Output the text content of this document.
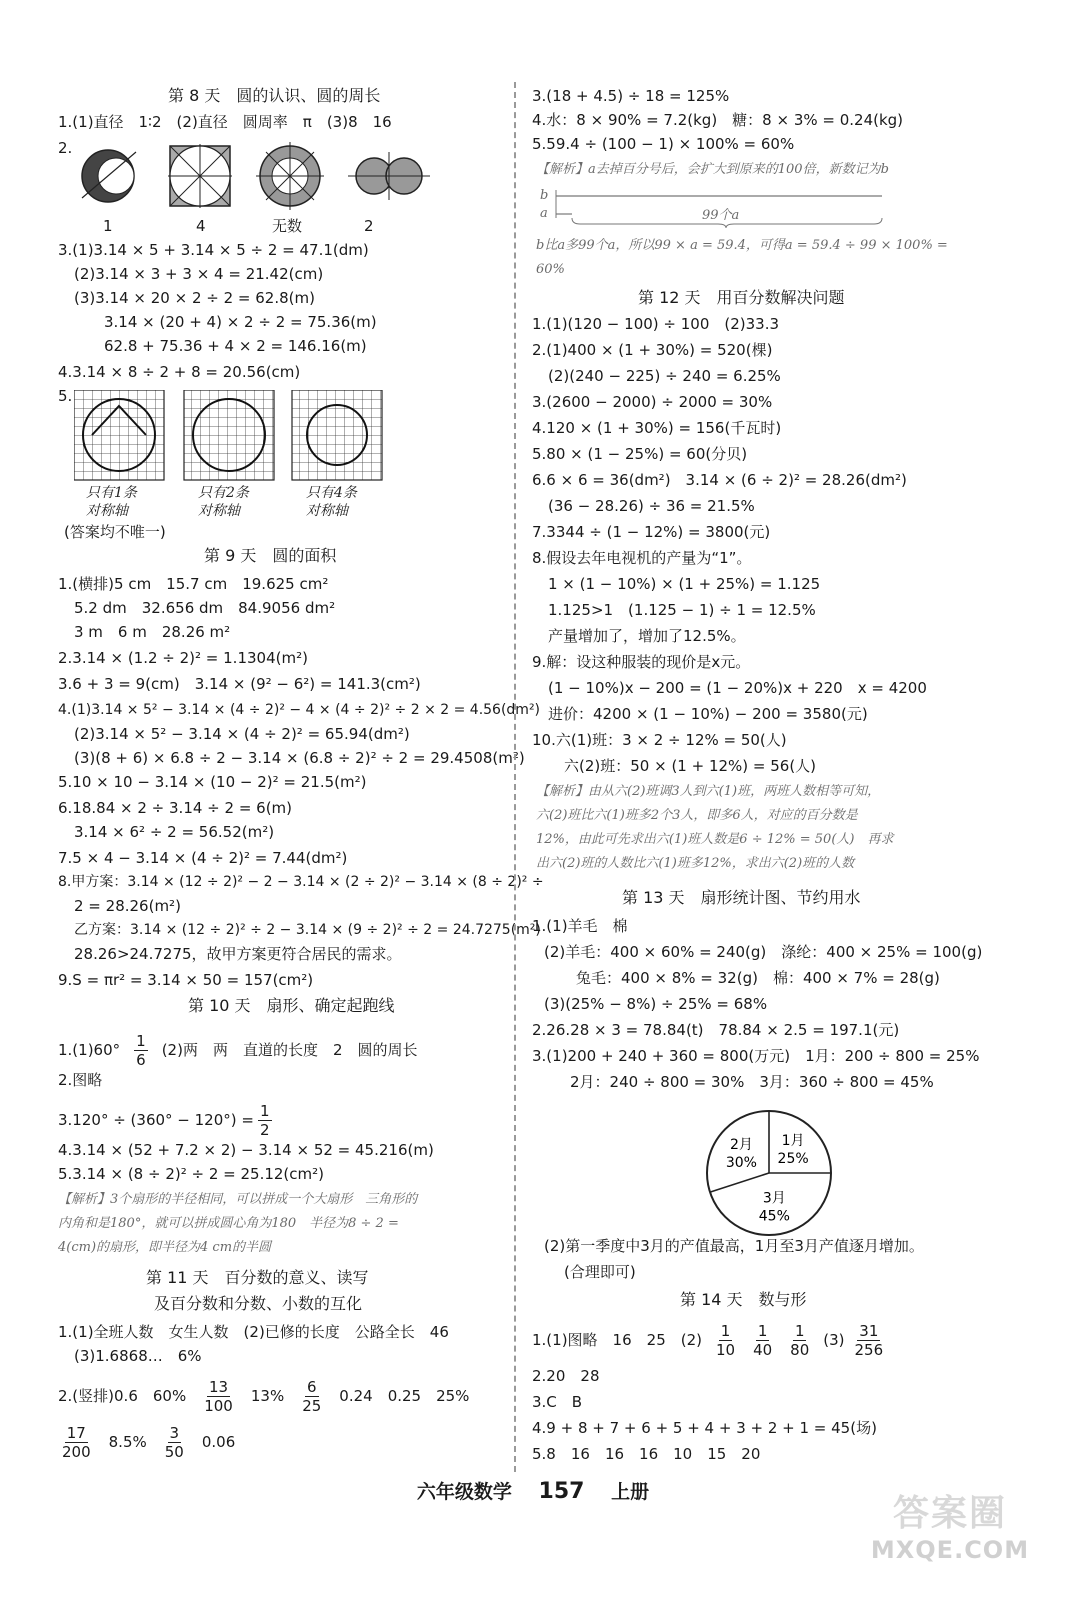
第 8 天　圆的认识、圆的周长
1.(1)直径　1∶2　(2)直径　圆周率　π　(3)8　16
2.
1	4	无数	2
3.(1)3.14 × 5 + 3.14 × 5 ÷ 2 = 47.1(dm)
(2)3.14 × 3 + 3 × 4 = 21.42(cm)
(3)3.14 × 20 × 2 ÷ 2 = 62.8(m)
3.14 × (20 + 4) × 2 ÷ 2 = 75.36(m)
62.8 + 75.36 + 4 × 2 = 146.16(m)
4.3.14 × 8 ÷ 2 + 8 = 20.56(cm)
5.
只有1条
对称轴
只有2条
对称轴
只有4条
对称轴
(答案均不唯一)
第 9 天　圆的面积
1.(横排)5 cm　15.7 cm　19.625 cm²
5.2 dm　32.656 dm　84.9056 dm²
3 m　6 m　28.26 m²
2.3.14 × (1.2 ÷ 2)² = 1.1304(m²)
3.6 + 3 = 9(cm)　3.14 × (9² − 6²) = 141.3(cm²)
4.(1)3.14 × 5² − 3.14 × (4 ÷ 2)² − 4 × (4 ÷ 2)² ÷ 2 × 2 = 4.56(dm²)
(2)3.14 × 5² − 3.14 × (4 ÷ 2)² = 65.94(dm²)
(3)(8 + 6) × 6.8 ÷ 2 − 3.14 × (6.8 ÷ 2)² ÷ 2 = 29.4508(m²)
5.10 × 10 − 3.14 × (10 − 2)² = 21.5(m²)
6.18.84 × 2 ÷ 3.14 ÷ 2 = 6(m)
3.14 × 6² ÷ 2 = 56.52(m²)
7.5 × 4 − 3.14 × (4 ÷ 2)² = 7.44(dm²)
8.甲方案：3.14 × (12 ÷ 2)² − 2 − 3.14 × (2 ÷ 2)² − 3.14 × (8 ÷ 2)² ÷
2 = 28.26(m²)
乙方案：3.14 × (12 ÷ 2)² ÷ 2 − 3.14 × (9 ÷ 2)² ÷ 2 = 24.7275(m²)
28.26>24.7275，故甲方案更符合居民的需求。
9.S = πr² = 3.14 × 50 = 157(cm²)
第 10 天　扇形、确定起跑线
$1.(1)60^\circ \frac{1}{6} (2)$两　两　直道的长度　2　圆的周长
2.图略
$3.120^\circ \div (360^\circ - 120^\circ) = \frac{1}{2}$
4.3.14 × (52 + 7.2 × 2) − 3.14 × 52 = 45.216(m)
5.3.14 × (8 ÷ 2)² ÷ 2 = 25.12(cm²)
【解析】3个扇形的半径相同，可以拼成一个大扇形　三角形的
内角和是180°，就可以拼成圆心角为180　半径为8 ÷ 2 =
4(cm)的扇形，即半径为4 cm的半圆
第 11 天　百分数的意义、读写
及百分数和分数、小数的互化
1.(1)全班人数　女生人数　(2)已修的长度　公路全长　46
(3)1.6868…　6%
2.(竖排)0.6　$60\% \frac{13}{100} 13\% \frac{6}{25} 0.24$　0.25　25%
$\frac{17}{200} 8.5\% \frac{3}{50} 0.06$
3.(18 + 4.5) ÷ 18 = 125%
4.水：8 × 90% = 7.2(kg)　糖：8 × 3% = 0.24(kg)
5.59.4 ÷ (100 − 1) × 100% = 60%
【解析】a去掉百分号后，会扩大到原来的100倍，新数记为b
b
a	99个a
b比a多99个a，所以99 × a = 59.4，可得a = 59.4 ÷ 99 × 100% =
60%
第 12 天　用百分数解决问题
1.(1)(120 − 100) ÷ 100　(2)33.3
2.(1)400 × (1 + 30%) = 520(棵)
(2)(240 − 225) ÷ 240 = 6.25%
3.(2600 − 2000) ÷ 2000 = 30%
4.120 × (1 + 30%) = 156(千瓦时)
5.80 × (1 − 25%) = 60(分贝)
6.6 × 6 = 36(dm²)　3.14 × (6 ÷ 2)² = 28.26(dm²)
(36 − 28.26) ÷ 36 = 21.5%
7.3344 ÷ (1 − 12%) = 3800(元)
8.假设去年电视机的产量为“1”。
1 × (1 − 10%) × (1 + 25%) = 1.125
1.125>1　(1.125 − 1) ÷ 1 = 12.5%
产量增加了，增加了12.5%。
9.解：设这种服装的现价是x元。
(1 − 10%)x − 200 = (1 − 20%)x + 220　x = 4200
进价：4200 × (1 − 10%) − 200 = 3580(元)
10.六(1)班：3 × 2 ÷ 12% = 50(人)
六(2)班：50 × (1 + 12%) = 56(人)
【解析】由从六(2)班调3人到六(1)班，两班人数相等可知，
六(2)班比六(1)班多2个3人，即多6人，对应的百分数是
12%，由此可先求出六(1)班人数是6 ÷ 12% = 50(人)　再求
出六(2)班的人数比六(1)班多12%，求出六(2)班的人数
第 13 天　扇形统计图、节约用水
1.(1)羊毛　棉
(2)羊毛：400 × 60% = 240(g)　涤纶：400 × 25% = 100(g)
兔毛：400 × 8% = 32(g)　棉：400 × 7% = 28(g)
(3)(25% − 8%) ÷ 25% = 68%
2.26.28 × 3 = 78.84(t)　78.84 × 2.5 = 197.1(元)
3.(1)200 + 240 + 360 = 800(万元)　1月：200 ÷ 800 = 25%
2月：240 ÷ 800 = 30%　3月：360 ÷ 800 = 45%
1月
25%
2月
30%
3月
45%
(2)第一季度中3月的产值最高，1月至3月产值逐月增加。
(合理即可)
第 14 天　数与形
1.(1)图略　16　25　$(2) \frac{1}{10} \frac{1}{40} \frac{1}{80} (3) \frac{31}{256}$
2.20　28
3.C　B
4.9 + 8 + 7 + 6 + 5 + 4 + 3 + 2 + 1 = 45(场)
5.8　16　16　16　10　15　20
六年级数学 157 上册
答案圈
MXQE.COM
